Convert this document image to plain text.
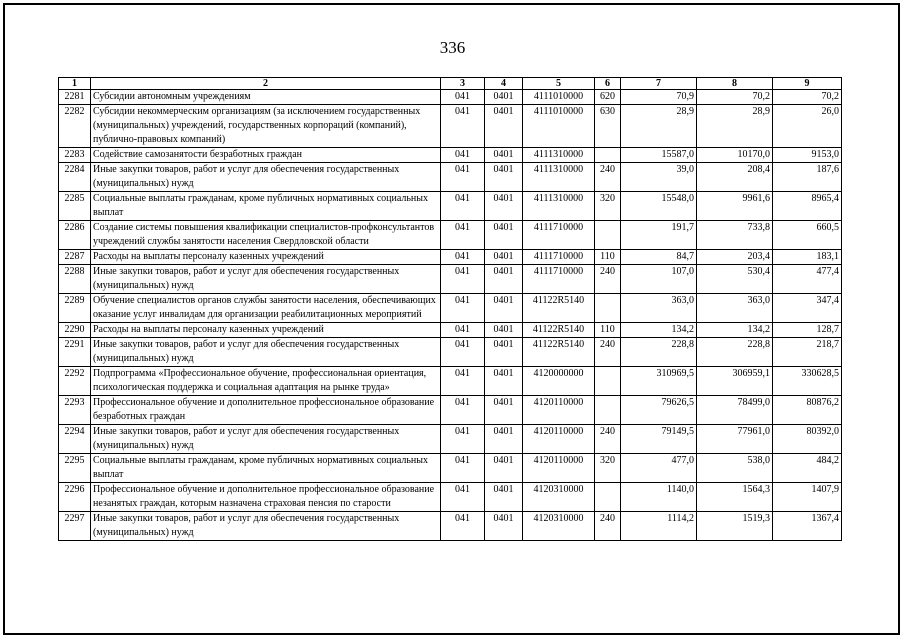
336
1	2	3	4	5	6	7	8	9
2281	Субсидии автономным учреждениям	041	0401	4111010000	620	70,9	70,2	70,2
2282	Субсидии некоммерческим организациям (за исключением государственных (муниципальных) учреждений, государственных корпораций (компаний), публично-правовых компаний)	041	0401	4111010000	630	28,9	28,9	26,0
2283	Содействие самозанятости безработных граждан	041	0401	4111310000		15587,0	10170,0	9153,0
2284	Иные закупки товаров, работ и услуг для обеспечения государственных (муниципальных) нужд	041	0401	4111310000	240	39,0	208,4	187,6
2285	Социальные выплаты гражданам, кроме публичных нормативных социальных выплат	041	0401	4111310000	320	15548,0	9961,6	8965,4
2286	Создание системы повышения квалификации специалистов-профконсультантов учреждений службы занятости населения Свердловской области	041	0401	4111710000		191,7	733,8	660,5
2287	Расходы на выплаты персоналу казенных учреждений	041	0401	4111710000	110	84,7	203,4	183,1
2288	Иные закупки товаров, работ и услуг для обеспечения государственных (муниципальных) нужд	041	0401	4111710000	240	107,0	530,4	477,4
2289	Обучение специалистов органов службы занятости населения, обеспечивающих оказание услуг инвалидам для организации реабилитационных мероприятий	041	0401	41122R5140		363,0	363,0	347,4
2290	Расходы на выплаты персоналу казенных учреждений	041	0401	41122R5140	110	134,2	134,2	128,7
2291	Иные закупки товаров, работ и услуг для обеспечения государственных (муниципальных) нужд	041	0401	41122R5140	240	228,8	228,8	218,7
2292	Подпрограмма «Профессиональное обучение, профессиональная ориентация, психологическая поддержка и социальная адаптация на рынке труда»	041	0401	4120000000		310969,5	306959,1	330628,5
2293	Профессиональное обучение и дополнительное профессиональное образование безработных граждан	041	0401	4120110000		79626,5	78499,0	80876,2
2294	Иные закупки товаров, работ и услуг для обеспечения государственных (муниципальных) нужд	041	0401	4120110000	240	79149,5	77961,0	80392,0
2295	Социальные выплаты гражданам, кроме публичных нормативных социальных выплат	041	0401	4120110000	320	477,0	538,0	484,2
2296	Профессиональное обучение и дополнительное профессиональное образование незанятых граждан, которым назначена страховая пенсия по старости	041	0401	4120310000		1140,0	1564,3	1407,9
2297	Иные закупки товаров, работ и услуг для обеспечения государственных (муниципальных) нужд	041	0401	4120310000	240	1114,2	1519,3	1367,4
